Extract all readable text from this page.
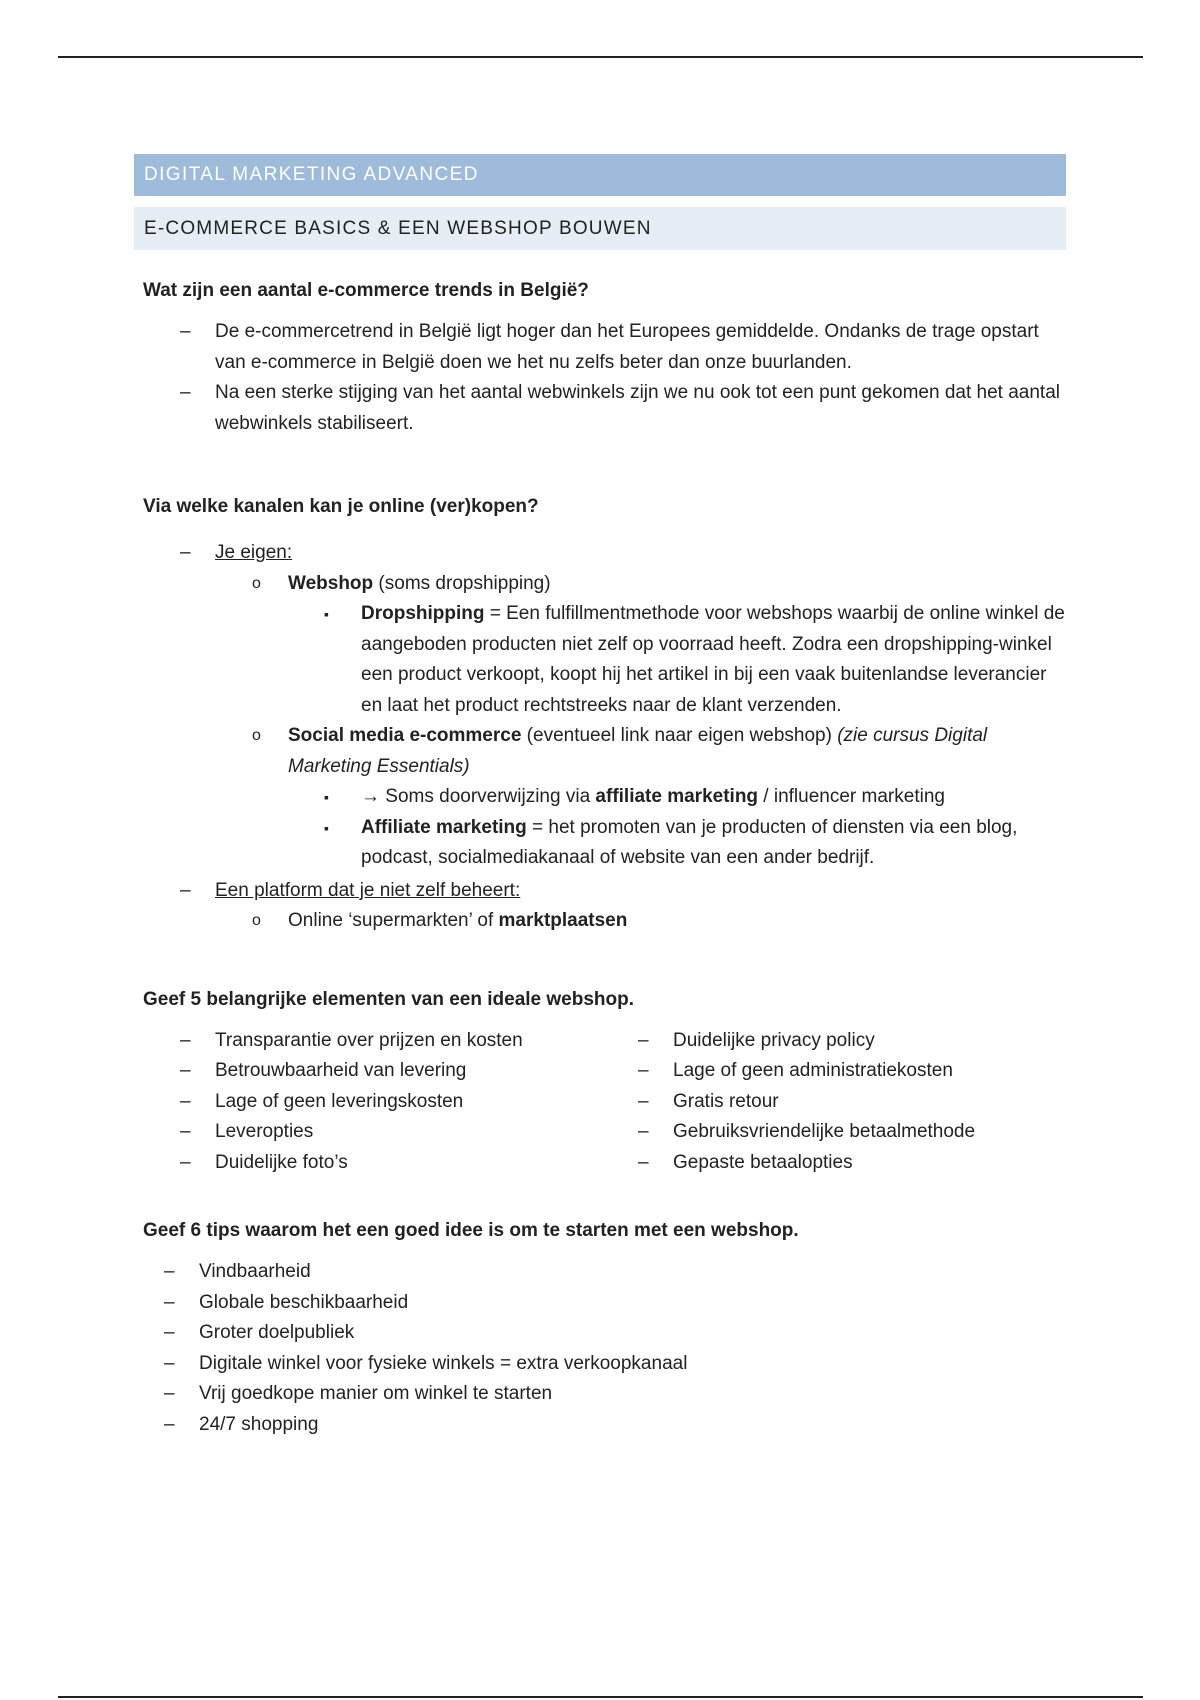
DIGITAL MARKETING ADVANCED
E-COMMERCE BASICS & EEN WEBSHOP BOUWEN
Wat zijn een aantal e-commerce trends in België?
– De e-commercetrend in België ligt hoger dan het Europees gemiddelde. Ondanks de trage opstart van e-commerce in België doen we het nu zelfs beter dan onze buurlanden.
– Na een sterke stijging van het aantal webwinkels zijn we nu ook tot een punt gekomen dat het aantal webwinkels stabiliseert.
Via welke kanalen kan je online (ver)kopen?
– Je eigen:
o Webshop (soms dropshipping)
▪ Dropshipping = Een fulfillmentmethode voor webshops waarbij de online winkel de aangeboden producten niet zelf op voorraad heeft. Zodra een dropshipping-winkel een product verkoopt, koopt hij het artikel in bij een vaak buitenlandse leverancier en laat het product rechtstreeks naar de klant verzenden.
o Social media e-commerce (eventueel link naar eigen webshop) (zie cursus Digital Marketing Essentials)
▪ → Soms doorverwijzing via affiliate marketing / influencer marketing
▪ Affiliate marketing = het promoten van je producten of diensten via een blog, podcast, socialmediakanaal of website van een ander bedrijf.
– Een platform dat je niet zelf beheert:
o Online ‘supermarkten’ of marktplaatsen
Geef 5 belangrijke elementen van een ideale webshop.
– Transparantie over prijzen en kosten
– Betrouwbaarheid van levering
– Lage of geen leveringskosten
– Leveropties
– Duidelijke foto’s
– Duidelijke privacy policy
– Lage of geen administratiekosten
– Gratis retour
– Gebruiksvriendelijke betaalmethode
– Gepaste betaalopties
Geef 6 tips waarom het een goed idee is om te starten met een webshop.
– Vindbaarheid
– Globale beschikbaarheid
– Groter doelpubliek
– Digitale winkel voor fysieke winkels = extra verkoopkanaal
– Vrij goedkope manier om winkel te starten
– 24/7 shopping
